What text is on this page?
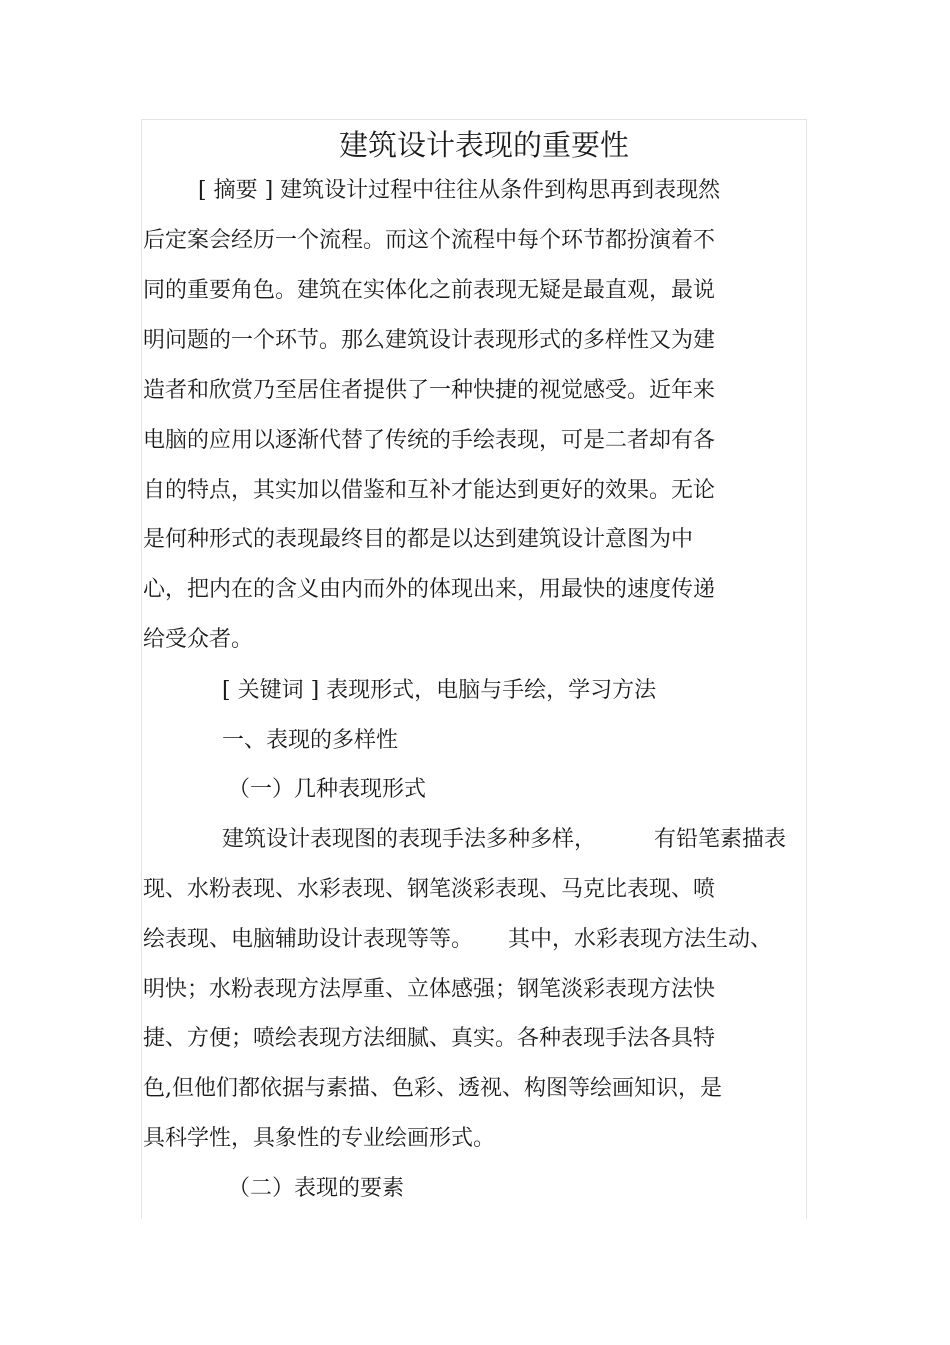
建筑设计表现的重要性
[ 摘要 ] 建筑设计过程中往往从条件到构思再到表现然
后定案会经历一个流程。而这个流程中每个环节都扮演着不
同的重要角色。建筑在实体化之前表现无疑是最直观，最说
明问题的一个环节。那么建筑设计表现形式的多样性又为建
造者和欣赏乃至居住者提供了一种快捷的视觉感受。近年来
电脑的应用以逐渐代替了传统的手绘表现，可是二者却有各
自的特点，其实加以借鉴和互补才能达到更好的效果。无论
是何种形式的表现最终目的都是以达到建筑设计意图为中
心，把内在的含义由内而外的体现出来，用最快的速度传递
给受众者。
[ 关键词 ] 表现形式，电脑与手绘，学习方法
一、表现的多样性
（一）几种表现形式
建筑设计表现图的表现手法多种多样，	有铅笔素描表
现、水粉表现、水彩表现、钢笔淡彩表现、马克比表现、喷
绘表现、电脑辅助设计表现等等。 其中，水彩表现方法生动、
明快；水粉表现方法厚重、立体感强；钢笔淡彩表现方法快
捷、方便；喷绘表现方法细腻、真实。各种表现手法各具特
色,但他们都依据与素描、色彩、透视、构图等绘画知识，是
具科学性，具象性的专业绘画形式。
（二）表现的要素
